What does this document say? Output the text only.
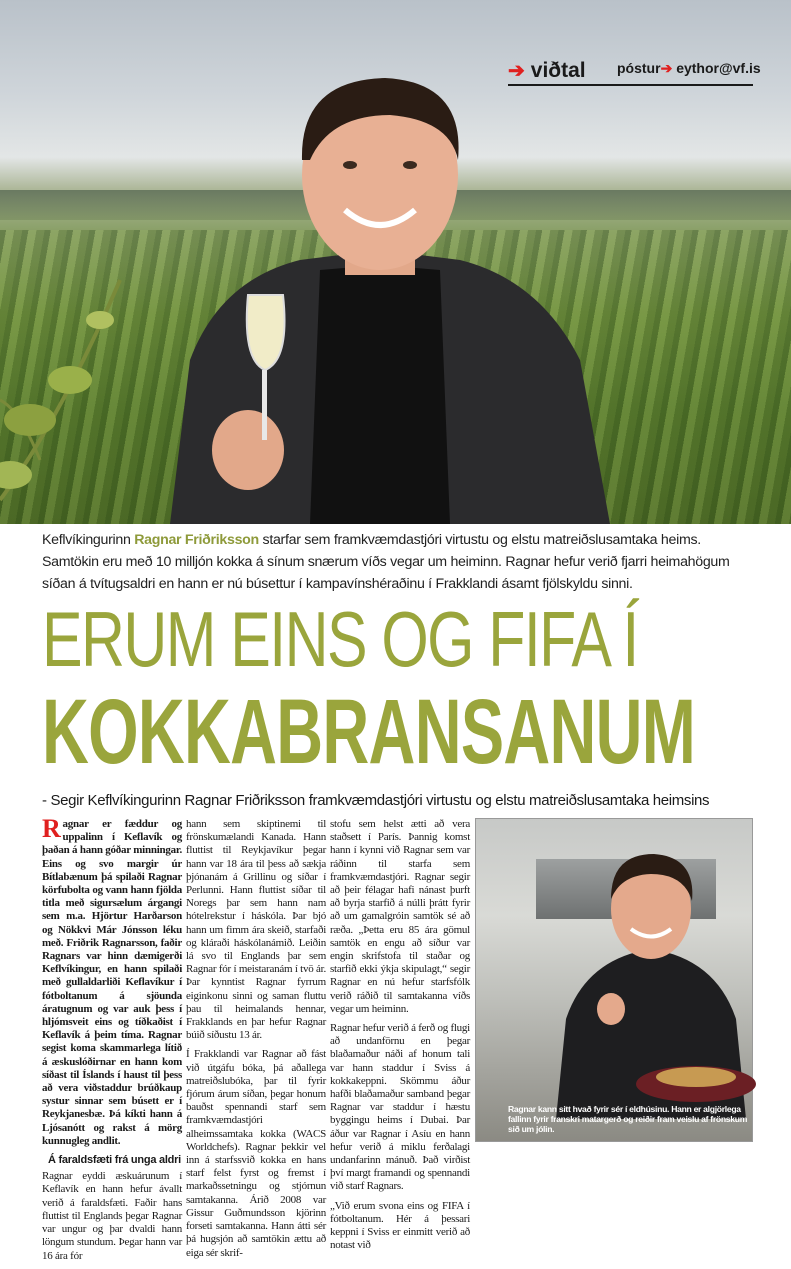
➔ viðtal póstur➔ eythor@vf.is
Keflvíkingurinn Ragnar Friðriksson starfar sem framkvæmdastjóri virtustu og elstu matreiðslusamtaka heims. Samtökin eru með 10 milljón kokka á sínum snærum víðs vegar um heiminn. Ragnar hefur verið fjarri heimahögum síðan á tvítugsaldri en hann er nú búsettur í kampavínshéraðinu í Frakklandi ásamt fjölskyldu sinni.
ERUM EINS OG FIFA Í
KOKKABRANSANUM
- Segir Keflvíkingurinn Ragnar Friðriksson framkvæmdastjóri virtustu og elstu matreiðslusamtaka heimsins

Ragnar er fæddur og uppalinn í Keflavík og þaðan á hann góðar minningar. Eins og svo margir úr Bítlabænum þá spilaði Ragnar körfubolta og vann hann fjölda titla með sigursælum árgangi sem m.a. Hjörtur Harðarson og Nökkvi Már Jónsson léku með. Friðrik Ragnarsson, faðir Ragnars var hinn dæmigerði Keflvíkingur, en hann spilaði með gullaldarliði Keflavíkur í fótboltanum á sjöunda áratugnum og var auk þess í hljómsveit eins og tíðkaðist í Keflavík á þeim tíma. Ragnar segist koma skammarlega lítið á æskuslóðirnar en hann kom síðast til Íslands í haust til þess að vera viðstaddur brúðkaup systur sinnar sem búsett er í Reykjanesbæ. Þá kíkti hann á Ljósanótt og rakst á mörg kunnugleg andlit.

Á faraldsfæti frá unga aldri

Ragnar eyddi æskuárunum í Keflavík en hann hefur ávallt verið á faraldsfæti. Faðir hans fluttist til Englands þegar Ragnar var ungur og þar dvaldi hann löngum stundum. Þegar hann var 16 ára fór

hann sem skiptinemi til frönskumælandi Kanada. Hann fluttist til Reykjavíkur þegar hann var 18 ára til þess að sækja þjónanám á Grillinu og síðar í Perlunni. Hann fluttist síðar til Noregs þar sem hann nam hótelrekstur í háskóla. Þar bjó hann um fimm ára skeið, starfaði og kláraði háskólanámið. Leiðin lá svo til Englands þar sem Ragnar fór í meistaranám í tvö ár. Þar kynntist Ragnar fyrrum eiginkonu sinni og saman fluttu þau til heimalands hennar, Frakklands en þar hefur Ragnar búið síðustu 13 ár.

Í Frakklandi var Ragnar að fást við útgáfu bóka, þá aðallega matreiðslubóka, þar til fyrir fjórum árum síðan, þegar honum bauðst spennandi starf sem framkvæmdastjóri alheimssamtaka kokka (WACS Worldchefs). Ragnar þekkir vel inn á starfssvið kokka en hans starf felst fyrst og fremst í markaðssetningu og stjórnun samtakanna. Árið 2008 var Gissur Guðmundsson kjörinn forseti samtakanna. Hann átti sér þá hugsjón að samtökin ættu að eiga sér skrif-

stofu sem helst ætti að vera staðsett í París. Þannig komst hann í kynni við Ragnar sem var ráðinn til starfa sem framkvæmdastjóri. Ragnar segir að þeir félagar hafi nánast þurft að byrja starfið á núlli þrátt fyrir að um gamalgróin samtök sé að ræða. „Þetta eru 85 ára gömul samtök en engu að síður var engin skrifstofa til staðar og starfið ekki ýkja skipulagt,“ segir Ragnar en nú hefur starfsfólk verið ráðið til samtakanna víðs vegar um heiminn.

Ragnar hefur verið á ferð og flugi að undanförnu en þegar blaðamaður náði af honum tali var hann staddur í Sviss á kokkakeppni. Skömmu áður hafði blaðamaður samband þegar Ragnar var staddur í hæstu byggingu heims í Dubai. Þar áður var Ragnar í Asíu en hann hefur verið á miklu ferðalagi undanfarinn mánuð. Það virðist því margt framandi og spennandi við starf Ragnars.

„Við erum svona eins og FIFA í fótboltanum. Hér á þessari keppni í Sviss er einmitt verið að notast við

Ragnar kann sitt hvað fyrir sér í eldhúsinu. Hann er algjörlega fallinn fyrir franskri matargerð og reiðir fram veislu af frönskum sið um jólin.
